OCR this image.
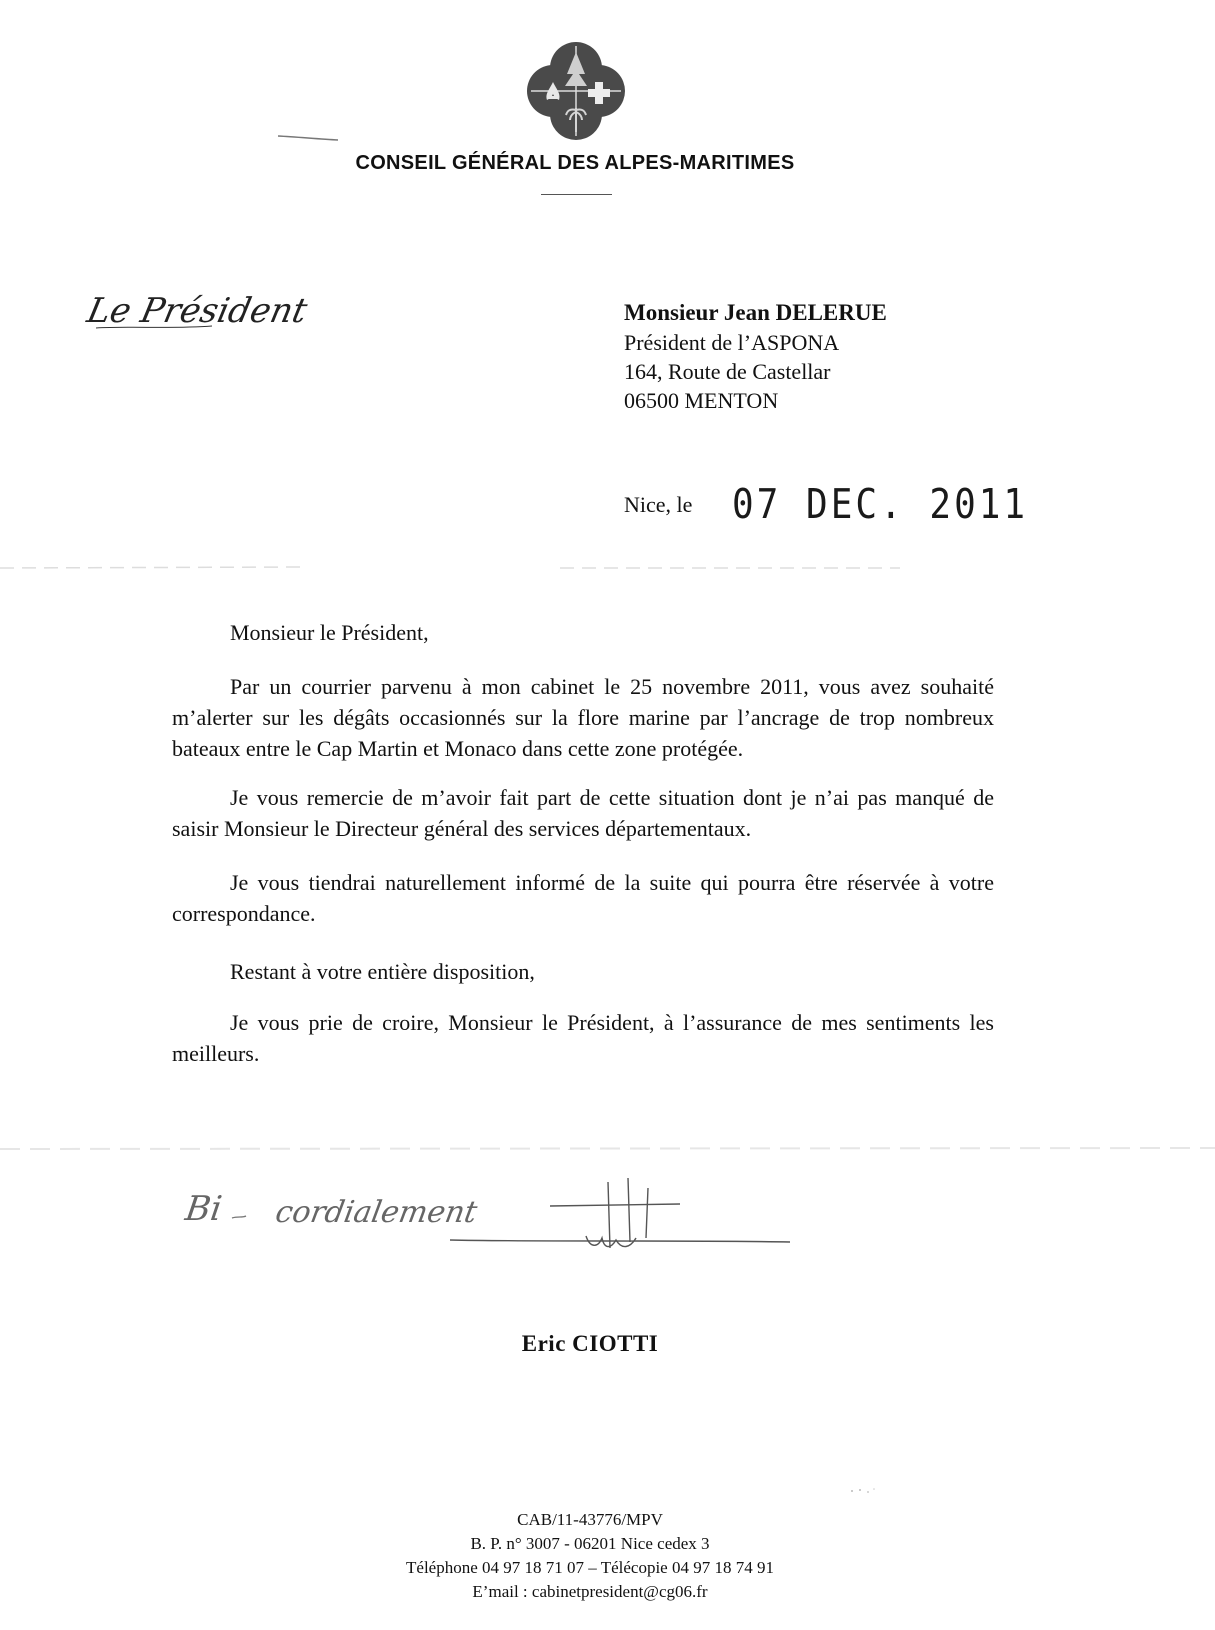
CONSEIL GÉNÉRAL DES ALPES-MARITIMES
Le Président	Monsieur Jean DELERUE
Président de l’ASPONA
164, Route de Castellar
06500 MENTON
Nice, le 07 DEC. 2011
Monsieur le Président,

Par un courrier parvenu à mon cabinet le 25 novembre 2011, vous avez souhaité m’alerter sur les dégâts occasionnés sur la flore marine par l’ancrage de trop nombreux bateaux entre le Cap Martin et Monaco dans cette zone protégée.

Je vous remercie de m’avoir fait part de cette situation dont je n’ai pas manqué de saisir Monsieur le Directeur général des services départementaux.

Je vous tiendrai naturellement informé de la suite qui pourra être réservée à votre correspondance.

Restant à votre entière disposition,

Je vous prie de croire, Monsieur le Président, à l’assurance de mes sentiments les meilleurs.

Bi cordialement
Eric CIOTTI
CAB/11-43776/MPV
B. P. n° 3007 - 06201 Nice cedex 3
Téléphone 04 97 18 71 07 – Télécopie 04 97 18 74 91
E’mail : cabinetpresident@cg06.fr
